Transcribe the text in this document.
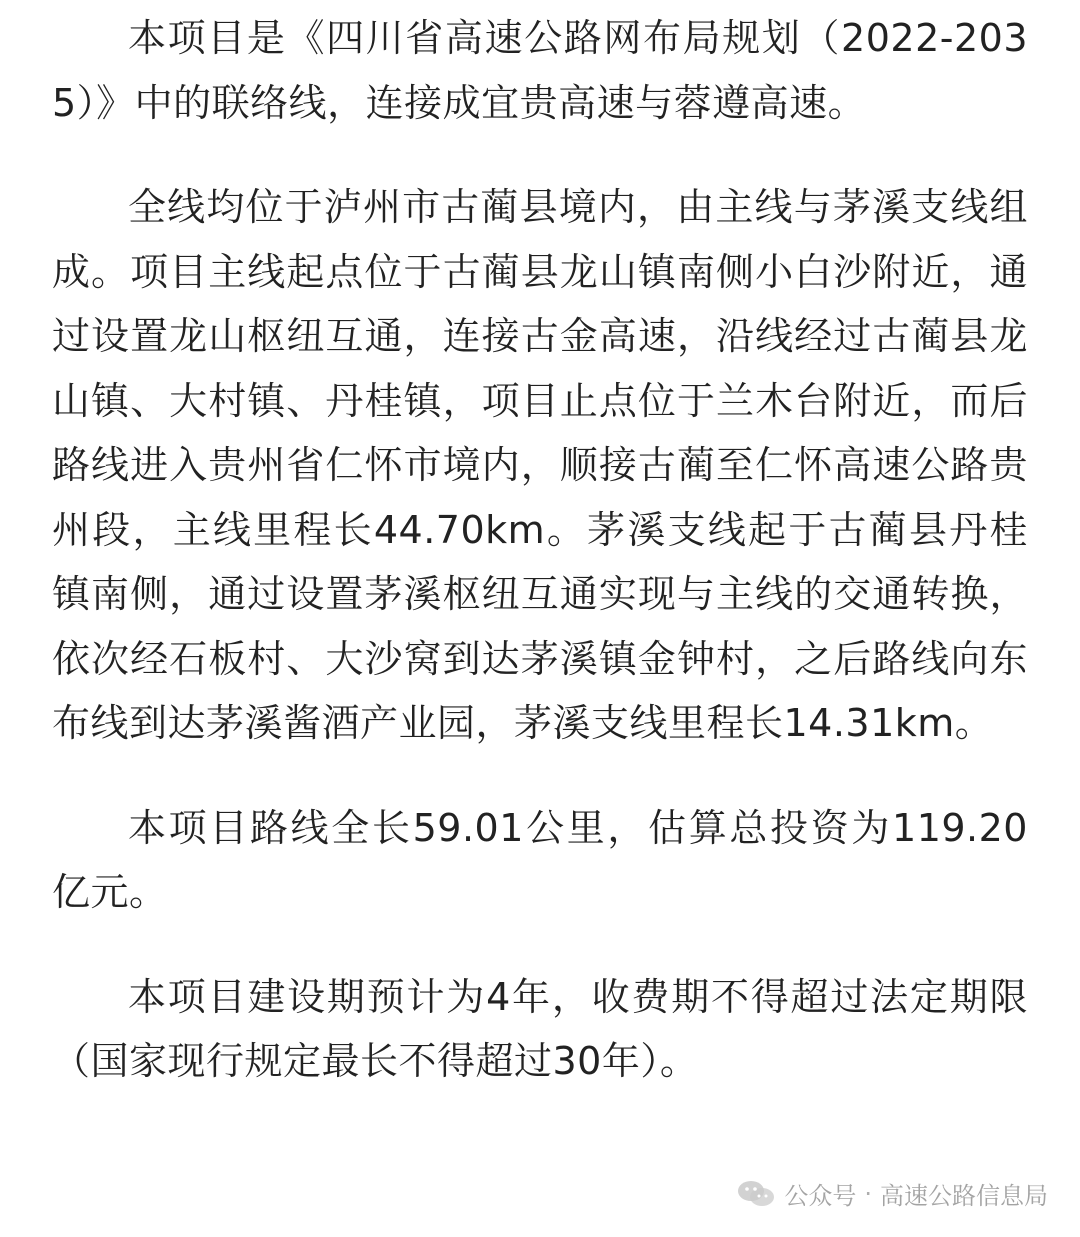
本项目是《四川省高速公路网布局规划（2022-2035）》中的联络线，连接成宜贵高速与蓉遵高速。

全线均位于泸州市古蔺县境内，由主线与茅溪支线组成。项目主线起点位于古蔺县龙山镇南侧小白沙附近，通过设置龙山枢纽互通，连接古金高速，沿线经过古蔺县龙山镇、大村镇、丹桂镇，项目止点位于兰木台附近，而后路线进入贵州省仁怀市境内，顺接古蔺至仁怀高速公路贵州段，主线里程长44.70km。茅溪支线起于古蔺县丹桂镇南侧，通过设置茅溪枢纽互通实现与主线的交通转换，依次经石板村、大沙窝到达茅溪镇金钟村，之后路线向东布线到达茅溪酱酒产业园，茅溪支线里程长14.31km。

本项目路线全长59.01公里，估算总投资为119.20亿元。

本项目建设期预计为4年，收费期不得超过法定期限（国家现行规定最长不得超过30年）。

公众号 · 高速公路信息局
